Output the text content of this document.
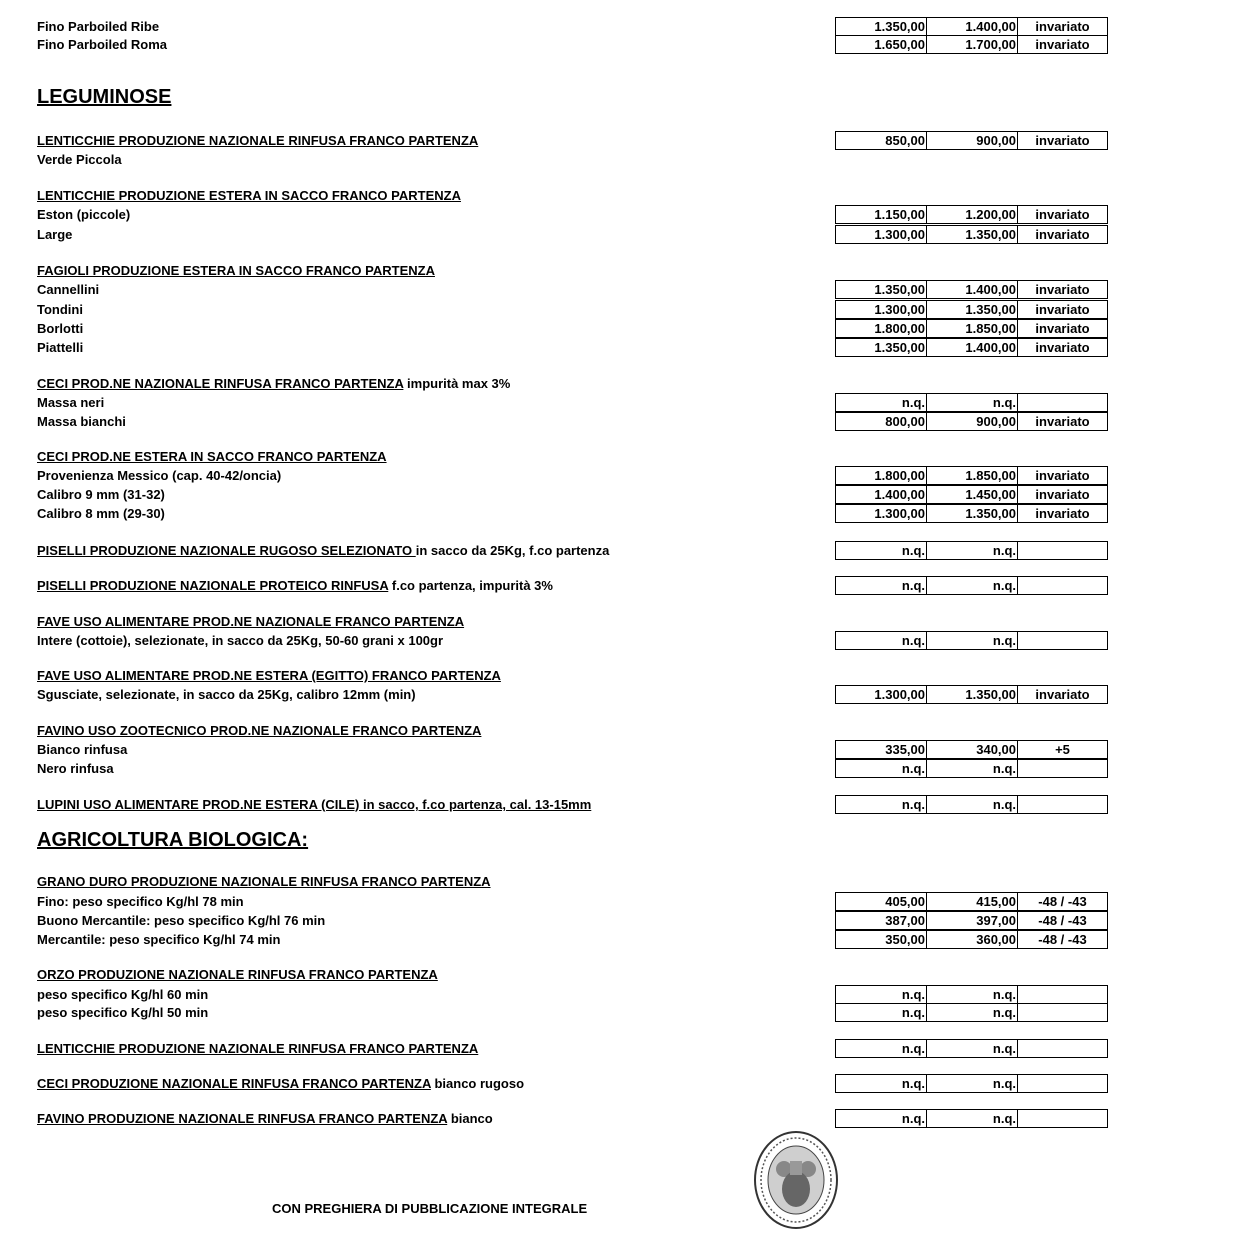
Fino Parboiled Ribe	1.350,00	1.400,00	invariato
Fino Parboiled Roma	1.650,00	1.700,00	invariato
LENTICCHIE PRODUZIONE NAZIONALE RINFUSA FRANCO PARTENZA	850,00	900,00	invariato
Verde Piccola
LENTICCHIE PRODUZIONE ESTERA IN SACCO FRANCO PARTENZA
Eston (piccole)	1.150,00	1.200,00	invariato
Large	1.300,00	1.350,00	invariato
FAGIOLI PRODUZIONE ESTERA IN SACCO FRANCO PARTENZA
Cannellini	1.350,00	1.400,00	invariato
Tondini	1.300,00	1.350,00	invariato
Borlotti	1.800,00	1.850,00	invariato
Piattelli	1.350,00	1.400,00	invariato
CECI PROD.NE NAZIONALE RINFUSA FRANCO PARTENZA impurità max 3%
Massa neri	n.q.	n.q.
Massa bianchi	800,00	900,00	invariato
CECI PROD.NE ESTERA IN SACCO FRANCO PARTENZA
Provenienza Messico (cap. 40-42/oncia)	1.800,00	1.850,00	invariato
Calibro 9 mm (31-32)	1.400,00	1.450,00	invariato
Calibro 8 mm (29-30)	1.300,00	1.350,00	invariato
PISELLI PRODUZIONE NAZIONALE RUGOSO SELEZIONATO in sacco da 25Kg, f.co partenza	n.q.	n.q.
PISELLI PRODUZIONE NAZIONALE PROTEICO RINFUSA f.co partenza, impurità 3%	n.q.	n.q.
FAVE USO ALIMENTARE PROD.NE NAZIONALE FRANCO PARTENZA
Intere (cottoie), selezionate, in sacco da 25Kg, 50-60 grani x 100gr	n.q.	n.q.
FAVE USO ALIMENTARE PROD.NE ESTERA (EGITTO) FRANCO PARTENZA
Sgusciate, selezionate, in sacco da 25Kg, calibro 12mm (min)	1.300,00	1.350,00	invariato
FAVINO USO ZOOTECNICO PROD.NE NAZIONALE FRANCO PARTENZA
Bianco rinfusa	335,00	340,00	+5
Nero rinfusa	n.q.	n.q.
LUPINI USO ALIMENTARE PROD.NE ESTERA (CILE) in sacco, f.co partenza, cal. 13-15mm	n.q.	n.q.
GRANO DURO PRODUZIONE NAZIONALE RINFUSA FRANCO PARTENZA
Fino: peso specifico Kg/hl 78 min	405,00	415,00	-48 / -43
Buono Mercantile: peso specifico Kg/hl 76 min	387,00	397,00	-48 / -43
Mercantile: peso specifico Kg/hl 74 min	350,00	360,00	-48 / -43
ORZO PRODUZIONE NAZIONALE RINFUSA FRANCO PARTENZA
peso specifico Kg/hl 60 min	n.q.	n.q.
peso specifico Kg/hl 50 min	n.q.	n.q.
LENTICCHIE PRODUZIONE NAZIONALE RINFUSA FRANCO PARTENZA	n.q.	n.q.
CECI PRODUZIONE NAZIONALE RINFUSA FRANCO PARTENZA bianco rugoso	n.q.	n.q.
FAVINO PRODUZIONE NAZIONALE RINFUSA FRANCO PARTENZA bianco	n.q.	n.q.
LEGUMINOSE
AGRICOLTURA BIOLOGICA:
CON PREGHIERA DI PUBBLICAZIONE INTEGRALE
